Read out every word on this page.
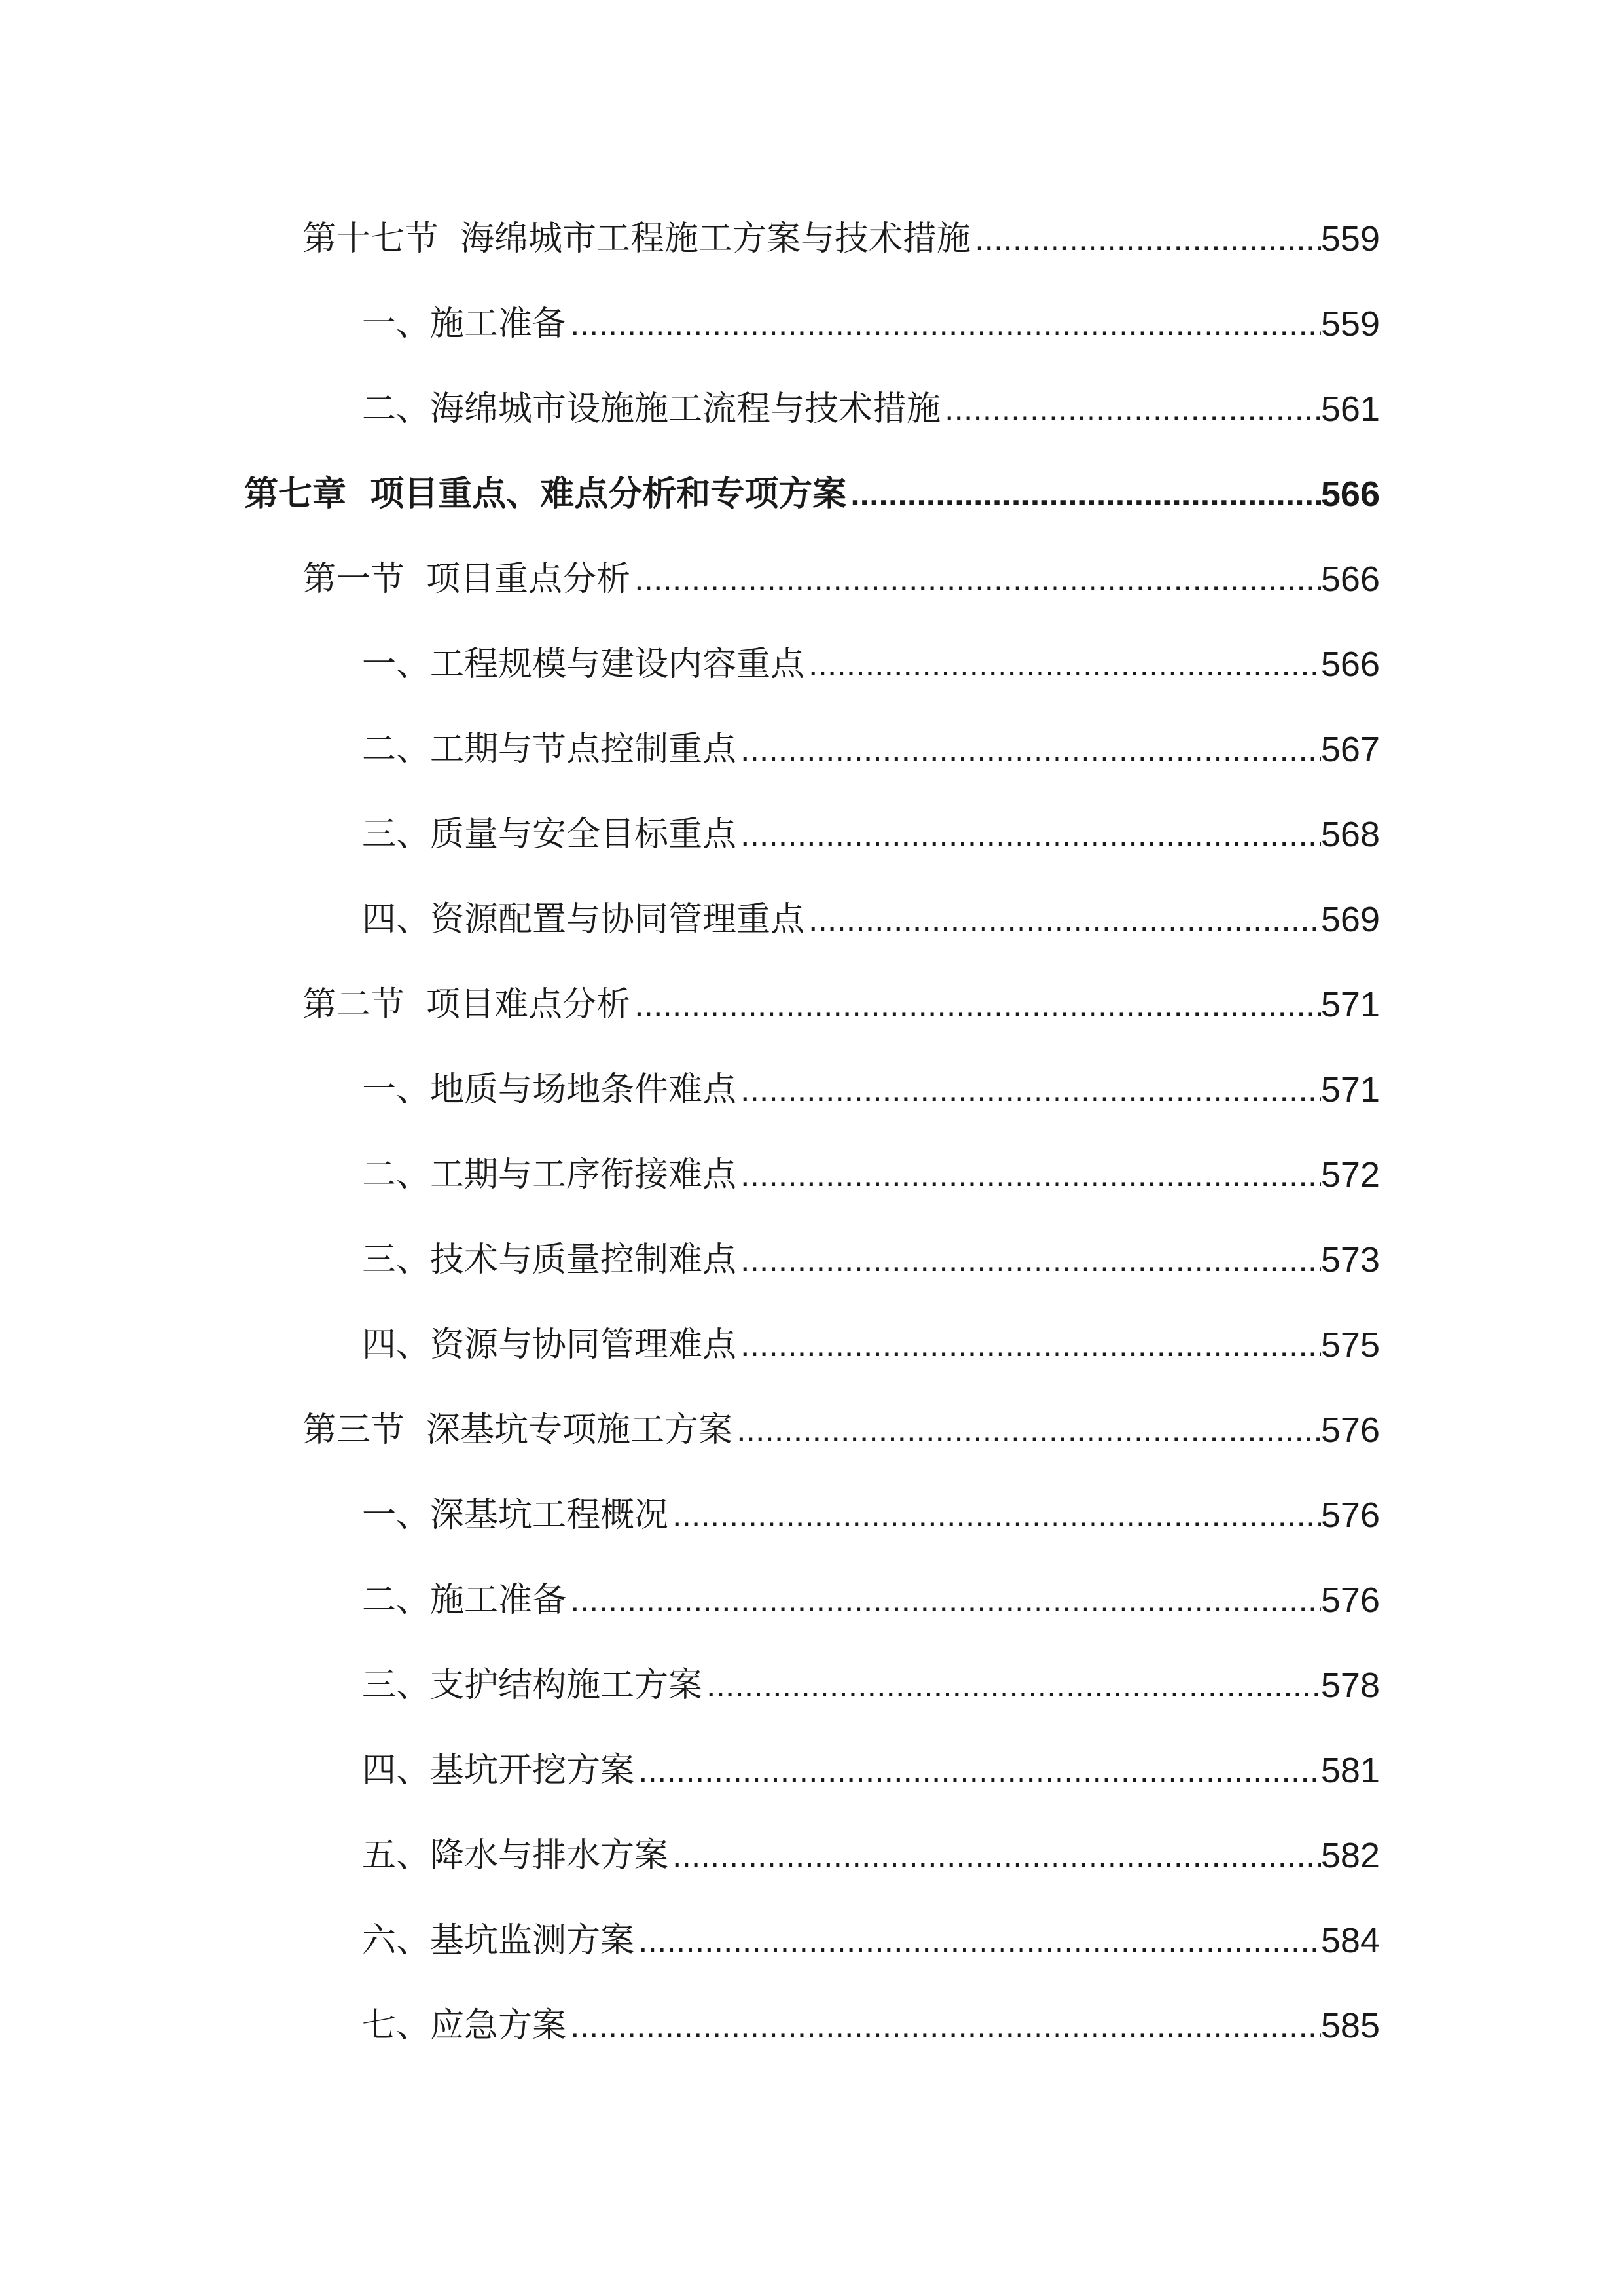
第十七节  海绵城市工程施工方案与技术措施 .....	559
一、施工准备 .....	559
二、海绵城市设施施工流程与技术措施 .....	561
第七章  项目重点、难点分析和专项方案 .....	566
第一节  项目重点分析 .....	566
一、工程规模与建设内容重点 .....	566
二、工期与节点控制重点 .....	567
三、质量与安全目标重点 .....	568
四、资源配置与协同管理重点 .....	569
第二节  项目难点分析 .....	571
一、地质与场地条件难点 .....	571
二、工期与工序衔接难点 .....	572
三、技术与质量控制难点 .....	573
四、资源与协同管理难点 .....	575
第三节  深基坑专项施工方案 .....	576
一、深基坑工程概况 .....	576
二、施工准备 .....	576
三、支护结构施工方案 .....	578
四、基坑开挖方案 .....	581
五、降水与排水方案 .....	582
六、基坑监测方案 .....	584
七、应急方案 .....	585
